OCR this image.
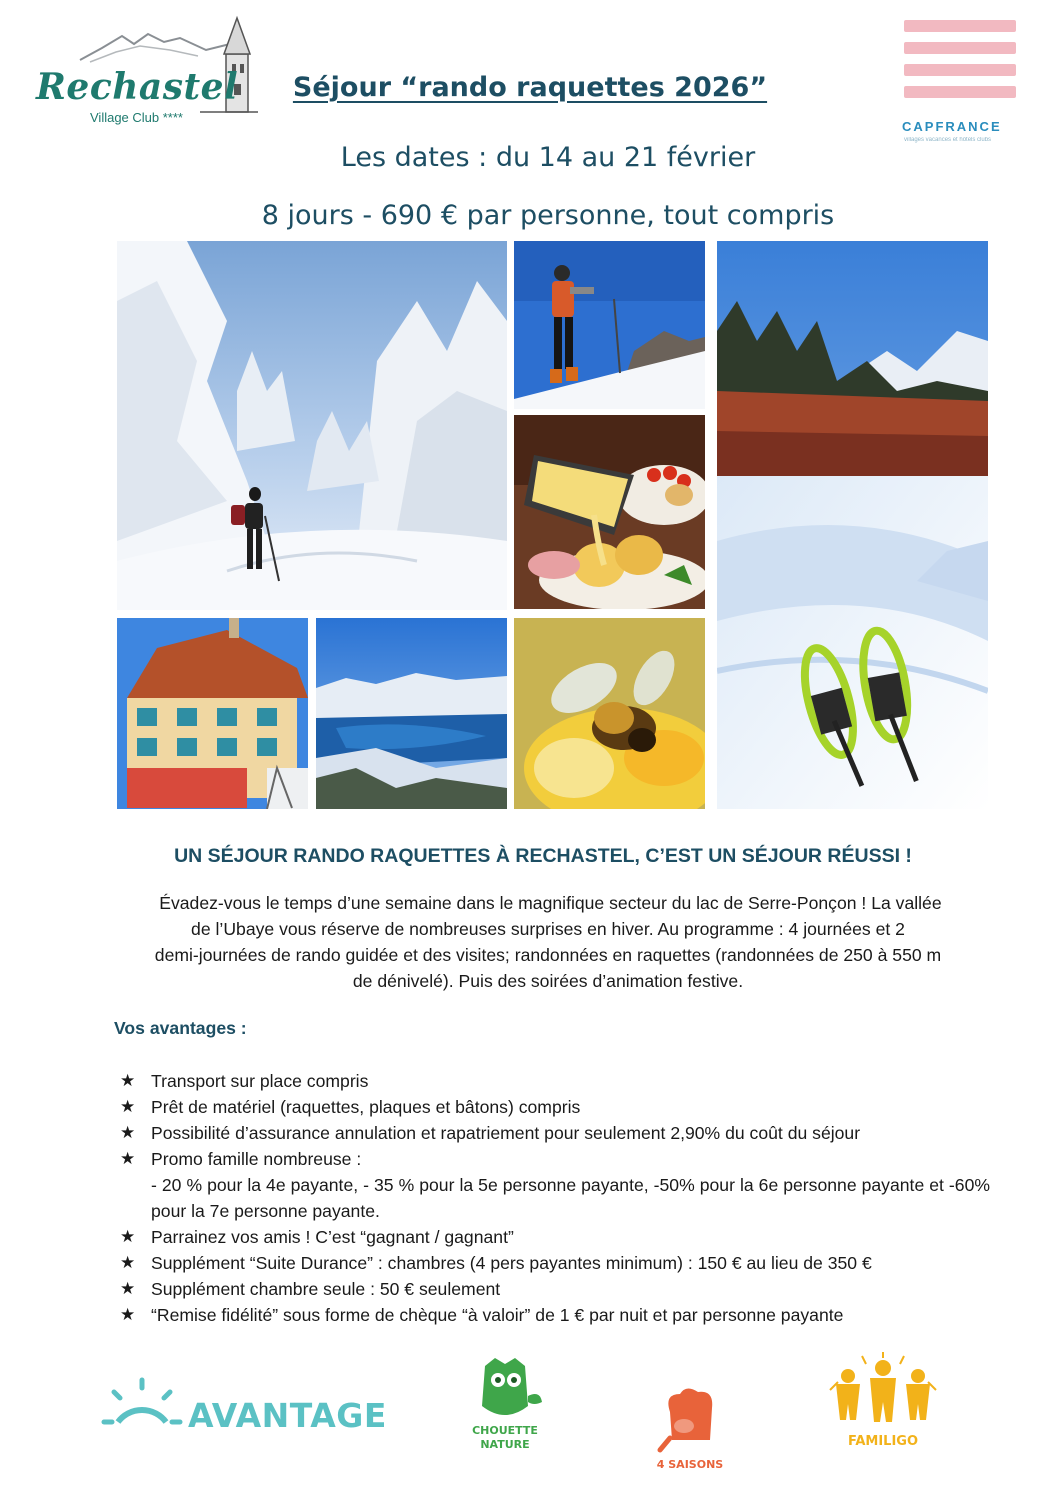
Rechastel
Village Club ****
CAPFRANCE
villages vacances et hôtels clubs
Séjour “rando raquettes 2026”
Les dates : du 14 au 21 février
8 jours - 690 € par personne, tout compris
UN SÉJOUR RANDO RAQUETTES À RECHASTEL, C’EST UN SÉJOUR RÉUSSI !
Évadez-vous le temps d’une semaine dans le magnifique secteur du lac de Serre-Ponçon ! La vallée
de l’Ubaye vous réserve de nombreuses surprises en hiver. Au programme : 4 journées et 2
demi-journées de rando guidée et des visites; randonnées en raquettes (randonnées de 250 à 550 m
de dénivelé). Puis des soirées d’animation festive.
Vos avantages :
★ Transport sur place compris
★ Prêt de matériel (raquettes, plaques et bâtons) compris
★ Possibilité d’assurance annulation et rapatriement pour seulement 2,90% du coût du séjour
★ Promo famille nombreuse :
- 20 % pour la 4e payante, - 35 % pour la 5e personne payante, -50% pour la 6e personne payante et -60% pour la 7e personne payante.
★ Parrainez vos amis ! C’est “gagnant / gagnant”
★ Supplément “Suite Durance” : chambres (4 pers payantes minimum) : 150 € au lieu de 350 €
★ Supplément chambre seule : 50 € seulement
★ “Remise fidélité” sous forme de chèque “à valoir” de 1 € par nuit et par personne payante
AVANTAGE	CHOUETTE
NATURE
4 SAISONS
FAMILIGO
